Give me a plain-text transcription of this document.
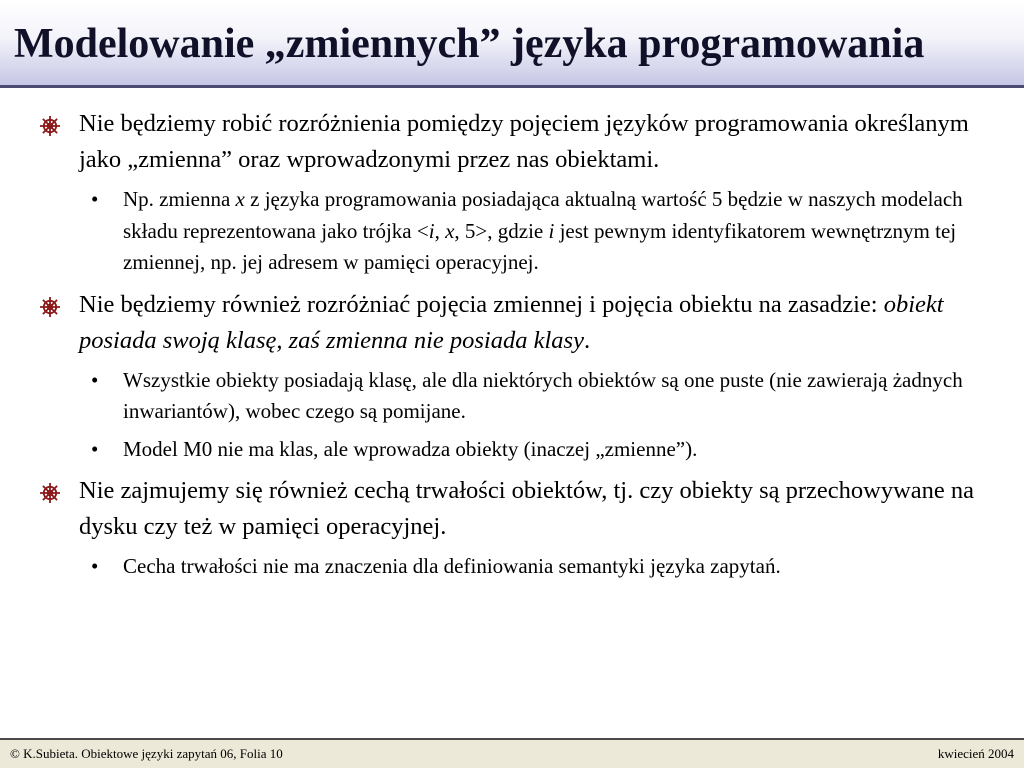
Modelowanie „zmiennych” języka programowania
Nie będziemy robić rozróżnienia pomiędzy pojęciem języków programowania określanym jako „zmienna” oraz wprowadzonymi przez nas obiektami.
• Np. zmienna x z języka programowania posiadająca aktualną wartość 5 będzie w naszych modelach składu reprezentowana jako trójka <i, x, 5>, gdzie i jest pewnym identyfikatorem wewnętrznym tej zmiennej, np. jej adresem w pamięci operacyjnej.
Nie będziemy również rozróżniać pojęcia zmiennej i pojęcia obiektu na zasadzie: obiekt posiada swoją klasę, zaś zmienna nie posiada klasy.
• Wszystkie obiekty posiadają klasę, ale dla niektórych obiektów są one puste (nie zawierają żadnych inwariantów), wobec czego są pomijane.
• Model M0 nie ma klas, ale wprowadza obiekty (inaczej „zmienne”).
Nie zajmujemy się również cechą trwałości obiektów, tj. czy obiekty są przechowywane na dysku czy też w pamięci operacyjnej.
• Cecha trwałości nie ma znaczenia dla definiowania semantyki języka zapytań.
© K.Subieta. Obiektowe języki zapytań 06, Folia 10	kwiecień 2004
